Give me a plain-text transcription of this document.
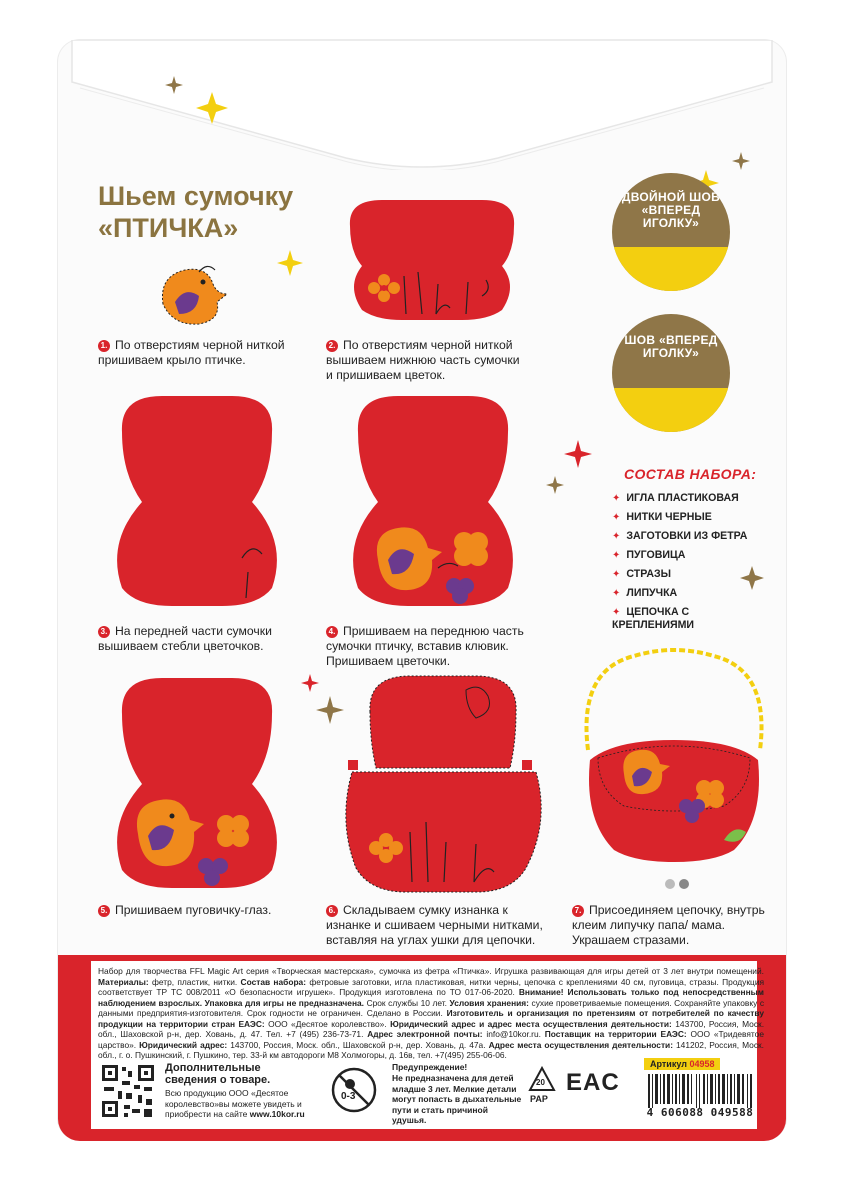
Шьем сумочку
«ПТИЧКА»
1. По отверстиям черной ниткой пришиваем крыло птичке.
2. По отверстиям черной ниткой вышиваем нижнюю часть сумочки и пришиваем цветок.
ДВОЙНОЙ ШОВ «ВПЕРЕД ИГОЛКУ»
ШОВ «ВПЕРЕД ИГОЛКУ»
3. На передней части сумочки вышиваем стебли цветочков.
4. Пришиваем на переднюю часть сумочки птичку, вставив клювик. Пришиваем цветочки.
СОСТАВ НАБОРА:
✦ ИГЛА ПЛАСТИКОВАЯ
✦ НИТКИ ЧЕРНЫЕ
✦ ЗАГОТОВКИ ИЗ ФЕТРА
✦ ПУГОВИЦА
✦ СТРАЗЫ
✦ ЛИПУЧКА
✦ ЦЕПОЧКА С КРЕПЛЕНИЯМИ
5. Пришиваем пуговичку-глаз.	6. Складываем сумку изнанка к изнанке и сшиваем черными нитками, вставляя на углах ушки для цепочки.
7. Присоединяем цепочку, внутрь клеим липучку папа/ мама. Украшаем стразами.
Набор для творчества FFL Magic Art серия «Творческая мастерская», сумочка из фетра «Птичка». Игрушка развивающая для игры детей от 3 лет внутри помещений. Материалы: фетр, пластик, нитки. Состав набора: фетровые заготовки, игла пластиковая, нитки черны, цепочка с креплениями 40 см, пуговица, стразы. Продукция соответствует ТР ТС 008/2011 «О безопасности игрушек». Продукция изготовлена по ТО 017-06-2020. Внимание! Использовать только под непосредственным наблюдением взрослых. Упаковка для игры не предназначена. Срок службы 10 лет. Условия хранения: сухие проветриваемые помещения. Сохраняйте упаковку с данными предприятия-изготовителя. Срок годности не ограничен. Сделано в России. Изготовитель и организация по претензиям от потребителей по качеству продукции на территории стран ЕАЭС: ООО «Десятое королевство». Юридический адрес и адрес места осуществления деятельности: 143700, Россия, Моск. обл., Шаховской р-н, дер. Ховань, д. 47. Тел. +7 (495) 236-73-71. Адрес электронной почты: info@10kor.ru. Поставщик на территории ЕАЭС: ООО «Тридевятое царство». Юридический адрес: 143700, Россия, Моск. обл., Шаховской р-н, дер. Ховань, д. 47а. Адрес места осуществления деятельности: 141202, Россия, Моск. обл., г. о. Пушкинский, г. Пушкино, тер. 33-й км автодороги М8 Холмогоры, д. 16в, тел. +7(495) 255-06-06.
Дополнительные сведения о товаре.
Всю продукцию ООО «Десятое королевство»вы можете увидеть и приобрести на сайте www.10kor.ru
0-3
Предупреждение!
Не предназначена для детей младше 3 лет. Мелкие детали могут попасть в дыхательные пути и стать причиной удушья.
20
PAP
EAC
Артикул 04958
4 606088 049588
